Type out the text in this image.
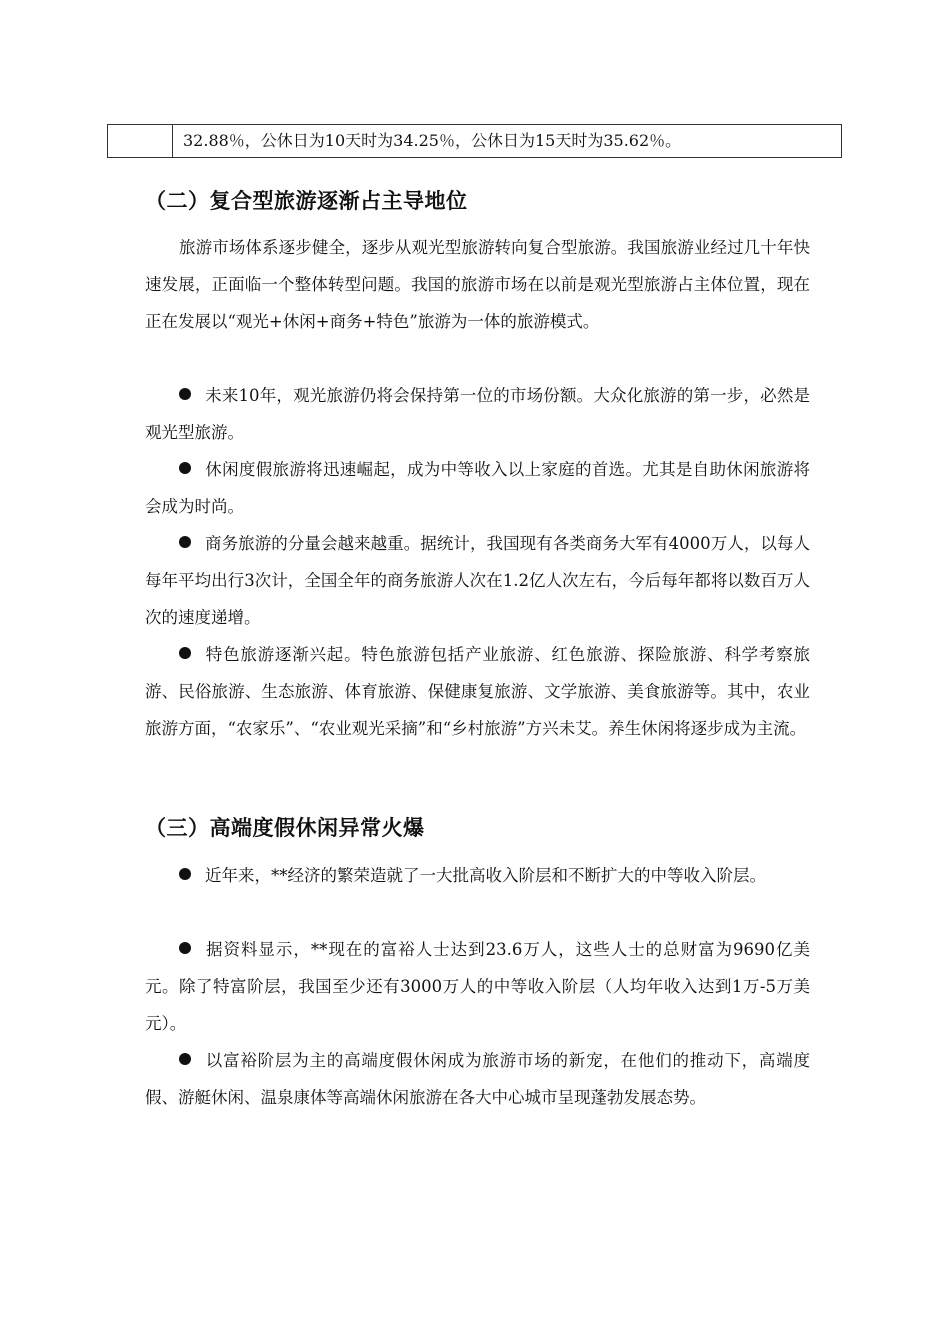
32.88％，公休日为10天时为34.25％，公休日为15天时为35.62％。
（二）复合型旅游逐渐占主导地位

旅游市场体系逐步健全，逐步从观光型旅游转向复合型旅游。我国旅游业经过几十年快速发展，正面临一个整体转型问题。我国的旅游市场在以前是观光型旅游占主体位置，现在正在发展以“观光+休闲+商务+特色”旅游为一体的旅游模式。

未来10年，观光旅游仍将会保持第一位的市场份额。大众化旅游的第一步，必然是观光型旅游。

休闲度假旅游将迅速崛起，成为中等收入以上家庭的首选。尤其是自助休闲旅游将会成为时尚。

商务旅游的分量会越来越重。据统计，我国现有各类商务大军有4000万人，以每人每年平均出行3次计，全国全年的商务旅游人次在1.2亿人次左右，今后每年都将以数百万人次的速度递增。

特色旅游逐渐兴起。特色旅游包括产业旅游、红色旅游、探险旅游、科学考察旅游、民俗旅游、生态旅游、体育旅游、保健康复旅游、文学旅游、美食旅游等。其中，农业旅游方面，“农家乐”、“农业观光采摘”和“乡村旅游”方兴未艾。养生休闲将逐步成为主流。

（三）高端度假休闲异常火爆

近年来，**经济的繁荣造就了一大批高收入阶层和不断扩大的中等收入阶层。

据资料显示，**现在的富裕人士达到23.6万人，这些人士的总财富为9690亿美元。除了特富阶层，我国至少还有3000万人的中等收入阶层（人均年收入达到1万-5万美元）。

以富裕阶层为主的高端度假休闲成为旅游市场的新宠，在他们的推动下，高端度假、游艇休闲、温泉康体等高端休闲旅游在各大中心城市呈现蓬勃发展态势。
